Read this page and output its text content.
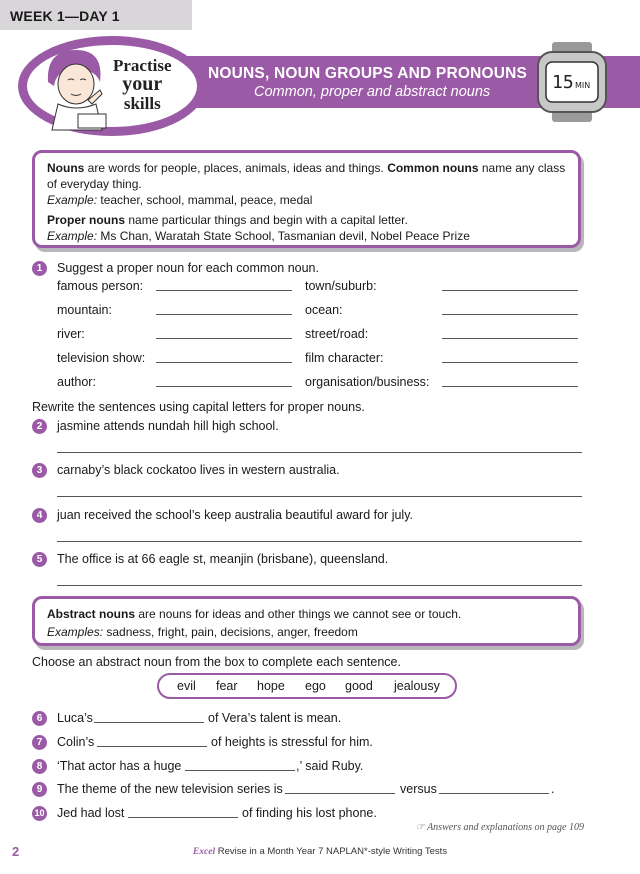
WEEK 1—DAY 1
NOUNS, NOUN GROUPS AND PRONOUNS
Common, proper and abstract nouns
Practise
your
skills
15 MIN
Nouns are words for people, places, animals, ideas and things. Common nouns name any class of everyday thing.
Example: teacher, school, mammal, peace, medal
Proper nouns name particular things and begin with a capital letter.
Example: Ms Chan, Waratah State School, Tasmanian devil, Nobel Peace Prize
1	Suggest a proper noun for each common noun.
famous person:	town/suburb:
mountain:	ocean:
river:	street/road:
television show:	film character:
author:	organisation/business:
Rewrite the sentences using capital letters for proper nouns.
2	jasmine attends nundah hill high school.
3	carnaby’s black cockatoo lives in western australia.
4	juan received the school’s keep australia beautiful award for july.
5	The office is at 66 eagle st, meanjin (brisbane), queensland.
Abstract nouns are nouns for ideas and other things we cannot see or touch.
Examples: sadness, fright, pain, decisions, anger, freedom
Choose an abstract noun from the box to complete each sentence.
evil fear hope ego good jealousy
6	Luca’s	of Vera’s talent is mean.
7	Colin’s	of heights is stressful for him.
8	‘That actor has a huge	,’ said Ruby.
9	The theme of the new television series is	versus	.
10 Jed had lost	of finding his lost phone.
☞ Answers and explanations on page 109
2	Excel Revise in a Month Year 7 NAPLAN*-style Writing Tests
